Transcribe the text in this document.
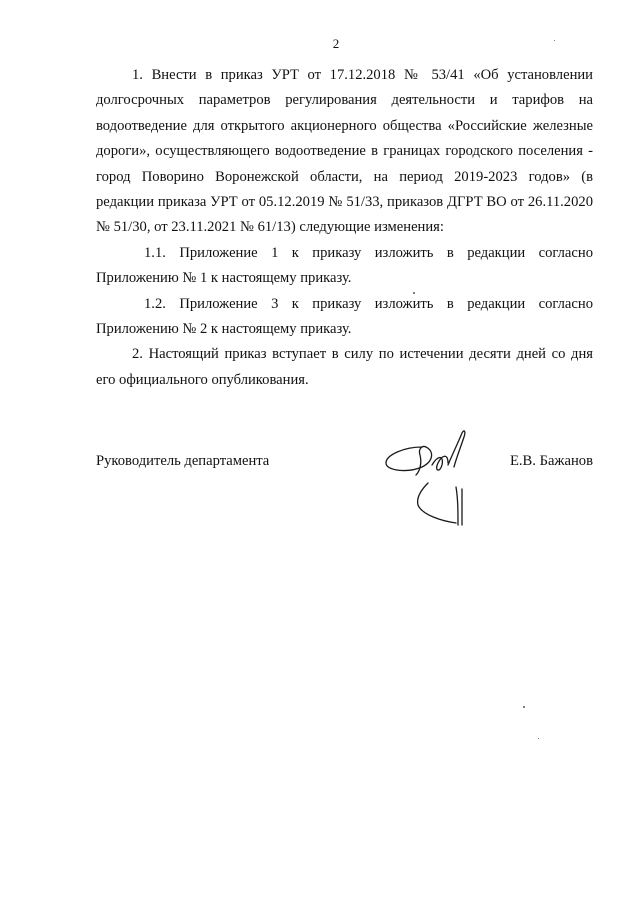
2

1. Внести в приказ УРТ от 17.12.2018 № 53/41 «Об установлении долгосрочных параметров регулирования деятельности и тарифов на водоотведение для открытого акционерного общества «Российские железные дороги», осуществляющего водоотведение в границах городского поселения - город Поворино Воронежской области, на период 2019-2023 годов» (в редакции приказа УРТ от 05.12.2019 № 51/33, приказов ДГРТ ВО от 26.11.2020 № 51/30, от 23.11.2021 № 61/13) следующие изменения:

1.1. Приложение 1 к приказу изложить в редакции согласно Приложению № 1 к настоящему приказу.

1.2. Приложение 3 к приказу изложить в редакции согласно Приложению № 2 к настоящему приказу.

2. Настоящий приказ вступает в силу по истечении десяти дней со дня его официального опубликования.

Руководитель департамента	Е.В. Бажанов
